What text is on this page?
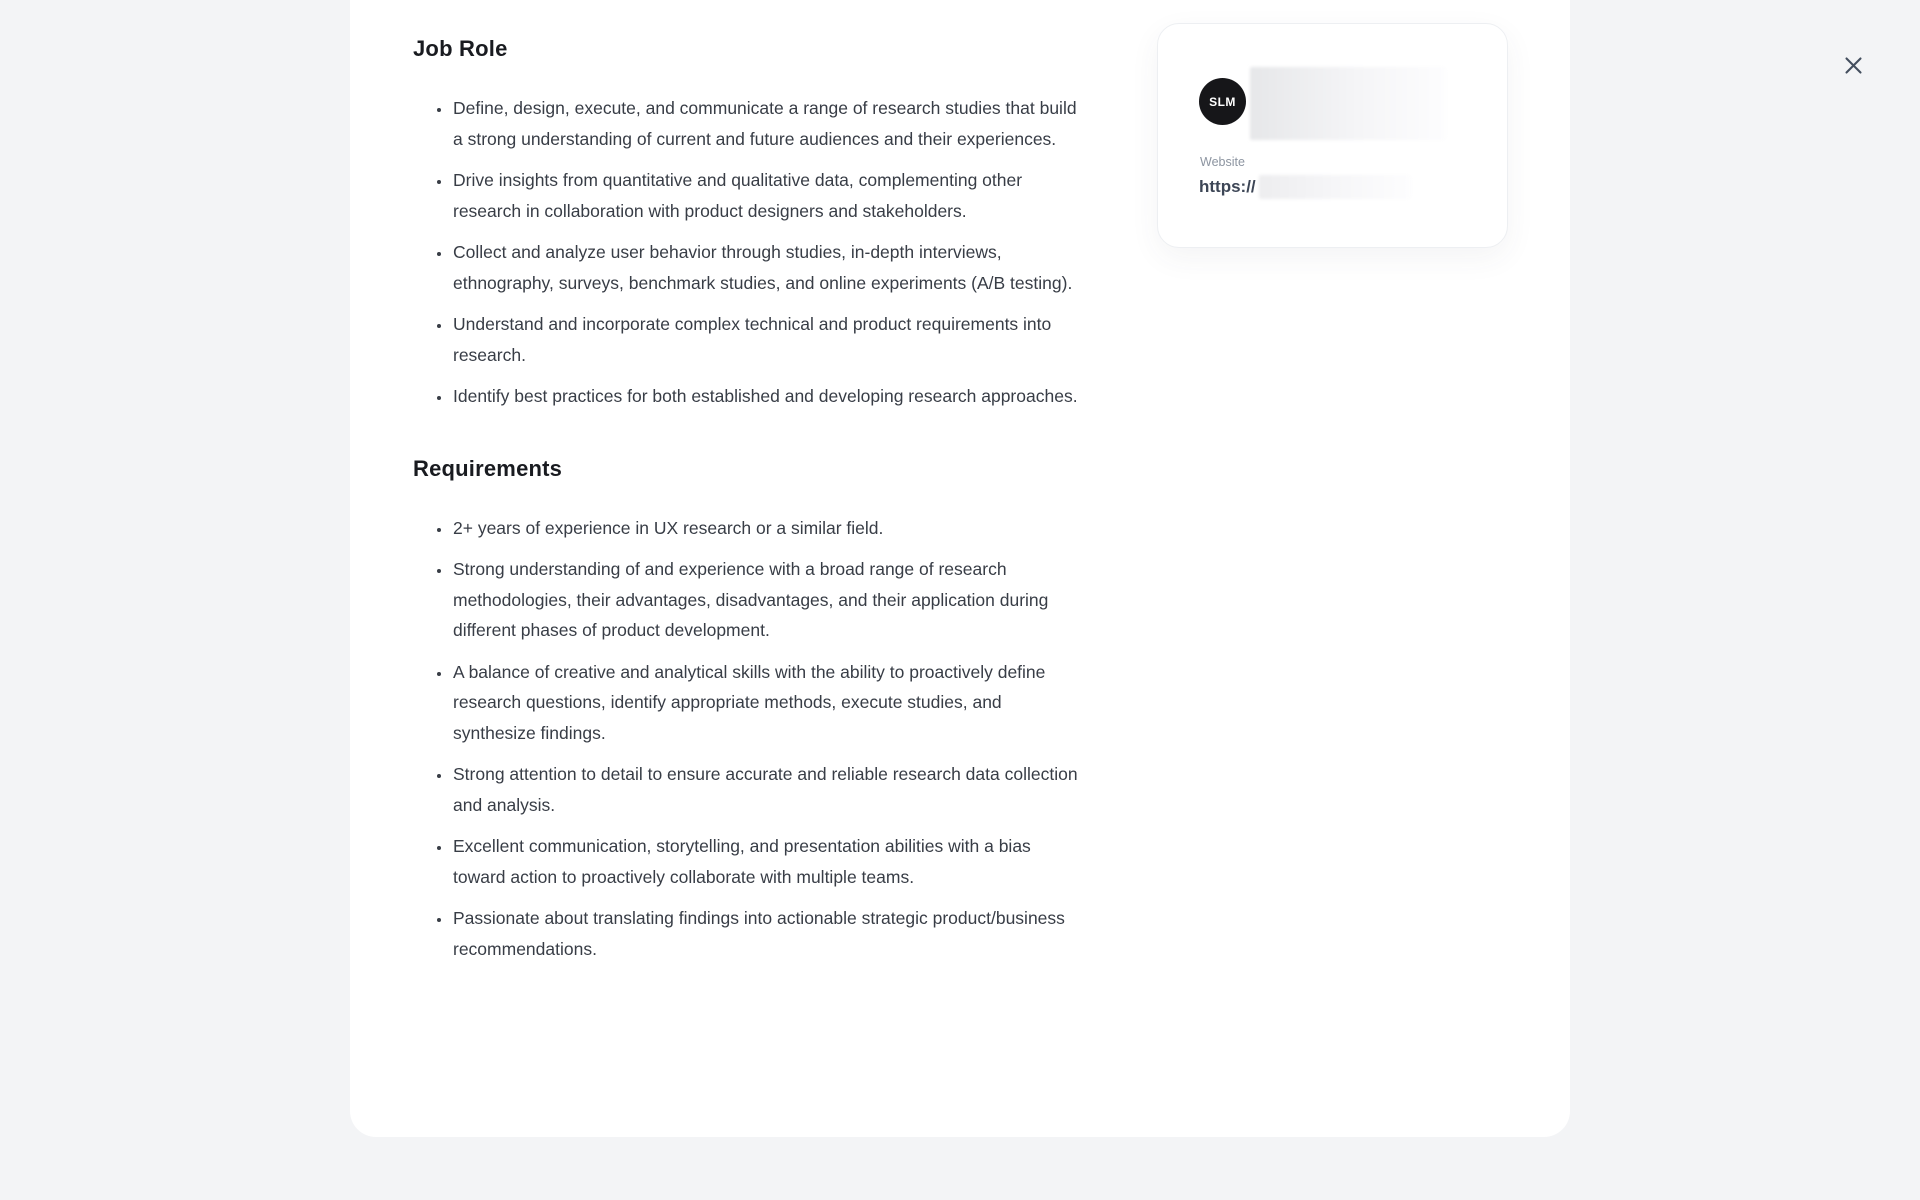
Job Role
• Define, design, execute, and communicate a range of research studies that build a strong understanding of current and future audiences and their experiences.
• Drive insights from quantitative and qualitative data, complementing other research in collaboration with product designers and stakeholders.
• Collect and analyze user behavior through studies, in-depth interviews, ethnography, surveys, benchmark studies, and online experiments (A/B testing).
• Understand and incorporate complex technical and product requirements into research.
• Identify best practices for both established and developing research approaches.
Requirements
• 2+ years of experience in UX research or a similar field.
• Strong understanding of and experience with a broad range of research methodologies, their advantages, disadvantages, and their application during different phases of product development.
• A balance of creative and analytical skills with the ability to proactively define research questions, identify appropriate methods, execute studies, and synthesize findings.
• Strong attention to detail to ensure accurate and reliable research data collection and analysis.
• Excellent communication, storytelling, and presentation abilities with a bias toward action to proactively collaborate with multiple teams.
• Passionate about translating findings into actionable strategic product/business recommendations.
SLM
Website
https://
